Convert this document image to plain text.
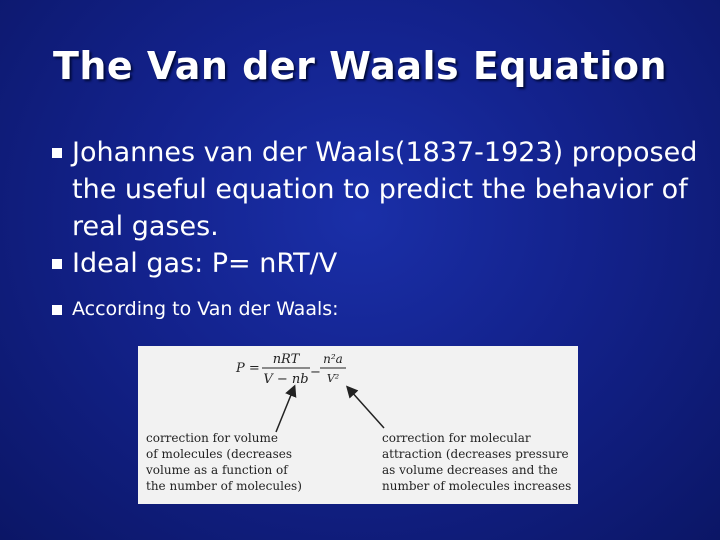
The Van der Waals Equation
Johannes van der Waals(1837-1923) proposed the useful equation to predict the behavior of real gases.
Ideal gas: P= nRT/V
According to Van der Waals:
P =
nRT
V − nb −
n²a
V²
correction for volume
of molecules (decreases
volume as a function of
the number of molecules)
correction for molecular
attraction (decreases pressure
as volume decreases and the
number of molecules increases
